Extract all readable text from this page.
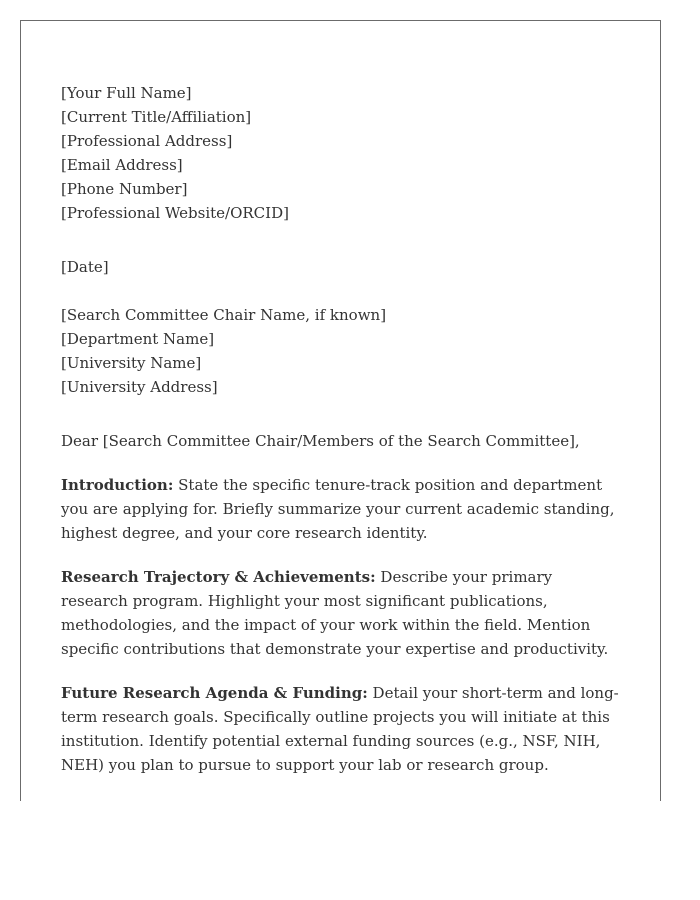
[Your Full Name]
[Current Title/Affiliation]
[Professional Address]
[Email Address]
[Phone Number]
[Professional Website/ORCID]
[Date]
[Search Committee Chair Name, if known]
[Department Name]
[University Name]
[University Address]

Dear [Search Committee Chair/Members of the Search Committee],

Introduction: State the specific tenure-track position and department you are applying for. Briefly summarize your current academic standing, highest degree, and your core research identity.

Research Trajectory & Achievements: Describe your primary research program. Highlight your most significant publications, methodologies, and the impact of your work within the field. Mention specific contributions that demonstrate your expertise and productivity.

Future Research Agenda & Funding: Detail your short-term and long-term research goals. Specifically outline projects you will initiate at this institution. Identify potential external funding sources (e.g., NSF, NIH, NEH) you plan to pursue to support your lab or research group.
